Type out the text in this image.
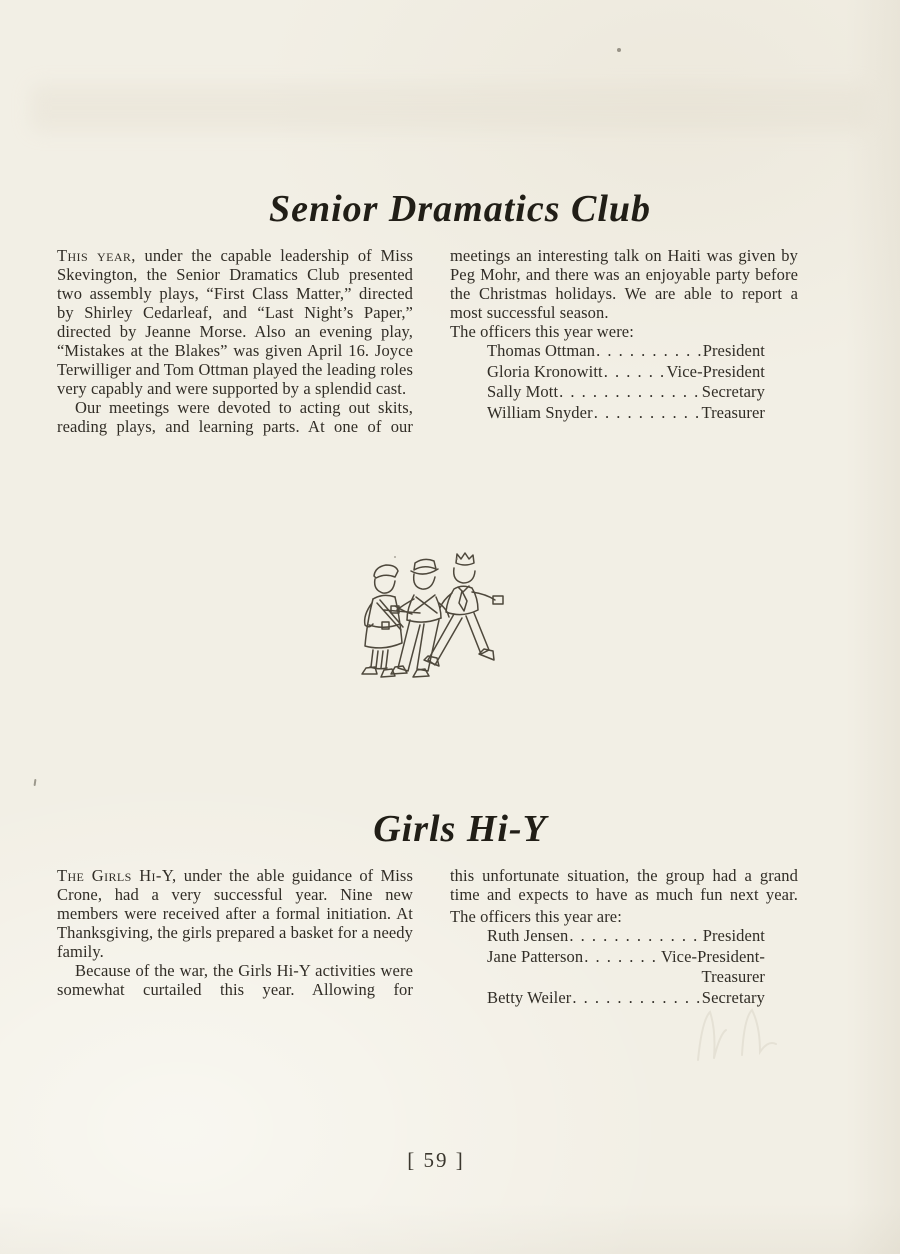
Senior Dramatics Club

This year, under the capable leadership of Miss Skevington, the Senior Dramatics Club presented two assembly plays, “First Class Matter,” directed by Shirley Cedarleaf, and “Last Night’s Paper,” directed by Jeanne Morse. Also an evening play, “Mistakes at the Blakes” was given April 16. Joyce Terwilliger and Tom Ottman played the leading roles very capably and were supported by a splendid cast.

Our meetings were devoted to acting out skits, reading plays, and learning parts. At one of our

meetings an interesting talk on Haiti was given by Peg Mohr, and there was an enjoyable party before the Christmas holidays. We are able to report a most successful season.

The officers this year were:

Thomas Ottman . . .	President
Gloria Kronowitt . . .	Vice-President
Sally Mott . . .	Secretary
William Snyder . . .	Treasurer
Girls Hi-Y

The Girls Hi-Y, under the able guidance of Miss Crone, had a very successful year. Nine new members were received after a formal initiation. At Thanksgiving, the girls prepared a basket for a needy family.

Because of the war, the Girls Hi-Y activities were somewhat curtailed this year. Allowing for

this unfortunate situation, the group had a grand time and expects to have as much fun next year.

The officers this year are:

Ruth Jensen . . .	President
Jane Patterson . . .	Vice-President-
Treasurer
Betty Weiler . . .	Secretary
[ 59 ]
